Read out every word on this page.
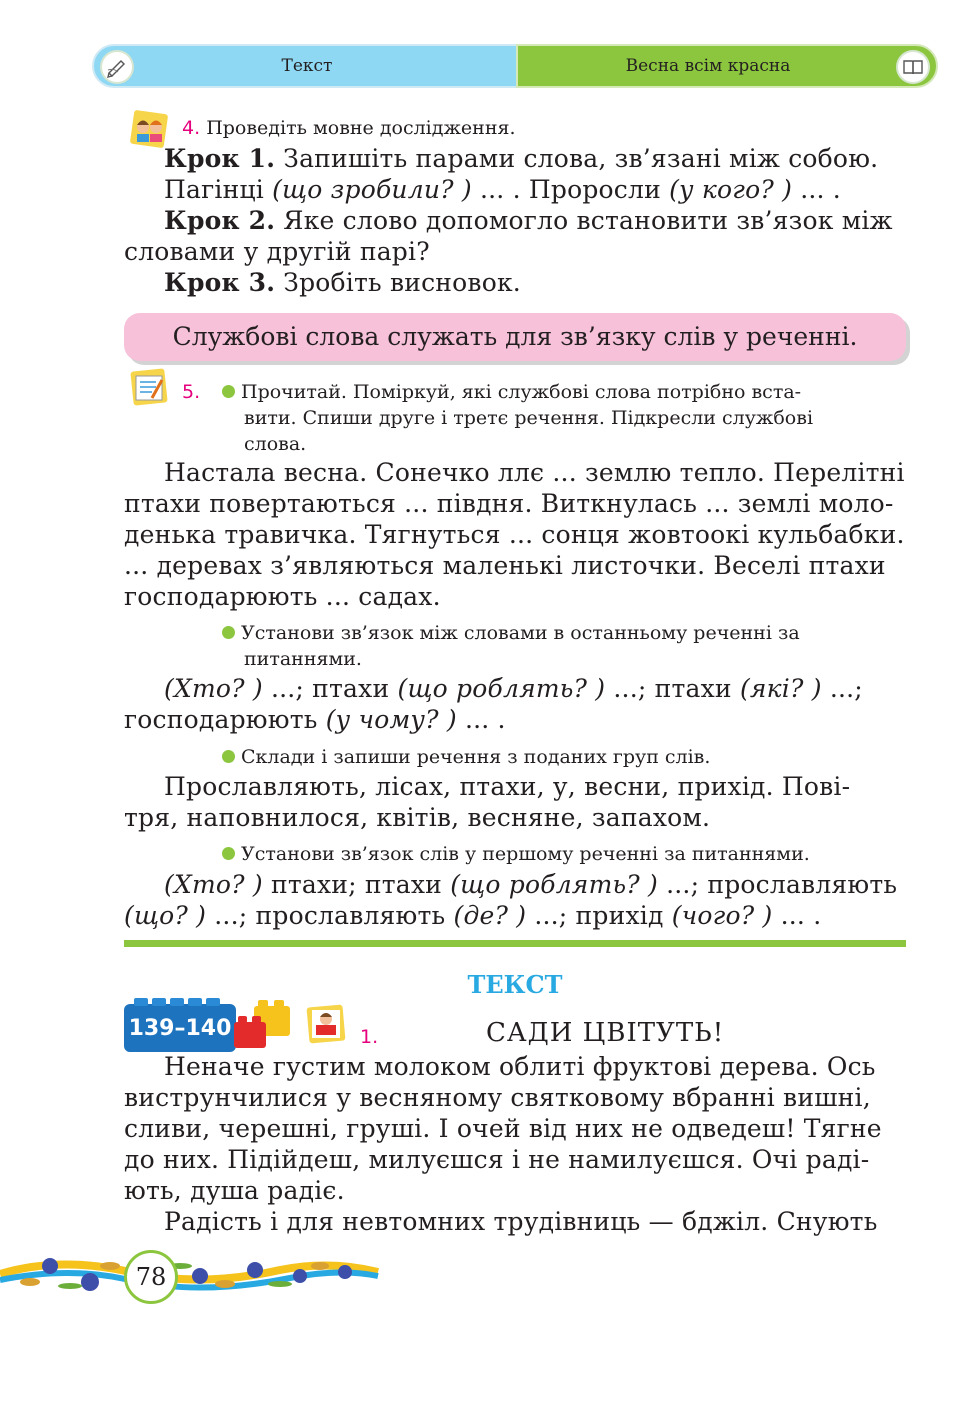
Текст	Весна всім красна
4. Проведіть мовне дослідження.
Крок 1. Запишіть парами слова, зв’язані між собою.
Пагінці (що зробили? ) ... . Проросли (у кого? ) ... .
Крок 2. Яке слово допомогло встановити зв’язок між
словами у другій парі?
Крок 3. Зробіть висновок.
Службові слова служать для зв’язку слів у реченні.
5.	Прочитай. Поміркуй, які службові слова потрібно вста-
вити. Спиши друге і третє речення. Підкресли службові
слова.
Настала весна. Сонечко ллє ... землю тепло. Перелітні
птахи повертаються ... півдня. Виткнулась ... землі моло-
денька травичка. Тягнуться ... сонця жовтоокі кульбабки.
... деревах з’являються маленькі листочки. Веселі птахи
господарюють ... садах.
Установи зв’язок між словами в останньому реченні за
питаннями.
(Хто? ) ...; птахи (що роблять? ) ...; птахи (які? ) ...;
господарюють (у чому? ) ... .
Склади і запиши речення з поданих груп слів.
Прославляють, лісах, птахи, у, весни, прихід. Пові-
тря, наповнилося, квітів, весняне, запахом.
Установи зв’язок слів у першому реченні за питаннями.
(Хто? ) птахи; птахи (що роблять? ) ...; прославляють
(що? ) ...; прославляють (де? ) ...; прихід (чого? ) ... .
ТЕКСТ
139–140	1.	САДИ ЦВІТУТЬ!
Неначе густим молоком облиті фруктові дерева. Ось
виструнчилися у весняному святковому вбранні вишні,
сливи, черешні, груші. І очей від них не одведеш! Тягне
до них. Підійдеш, милуєшся і не намилуєшся. Очі раді-
ють, душа радіє.
Радість і для невтомних трудівниць — бджіл. Снують
78
